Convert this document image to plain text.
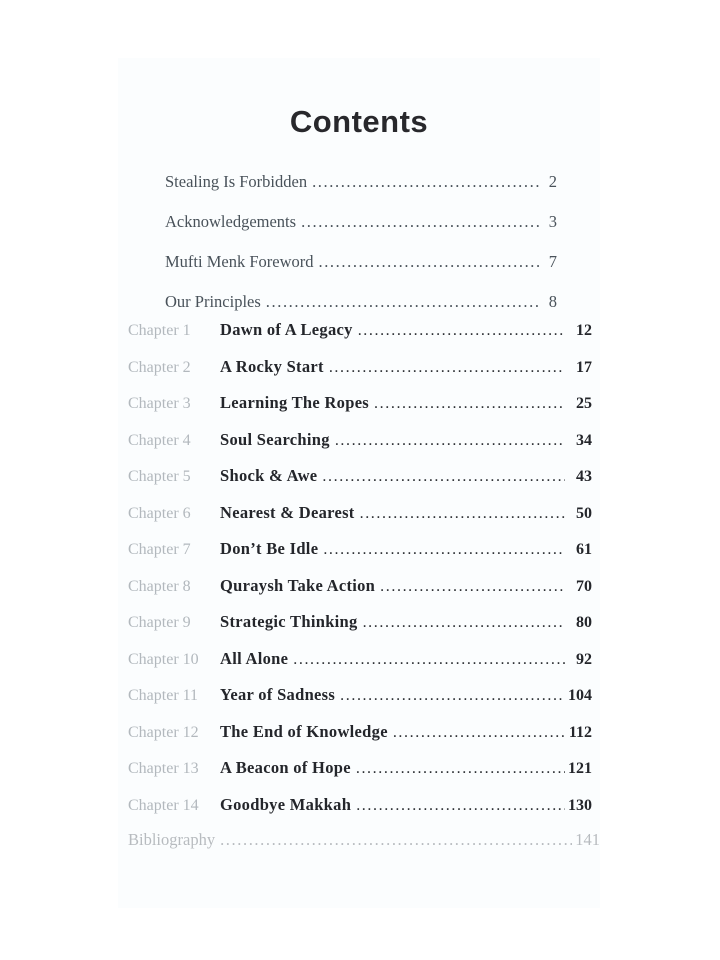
Contents
Stealing Is Forbidden .....	2
Acknowledgements .....	3
Mufti Menk Foreword .....	7
Our Principles .....	8
Chapter 1	Dawn of A Legacy .....	12
Chapter 2	A Rocky Start .....	17
Chapter 3	Learning The Ropes .....	25
Chapter 4	Soul Searching .....	34
Chapter 5	Shock & Awe .....	43
Chapter 6	Nearest & Dearest .....	50
Chapter 7	Don’t Be Idle .....	61
Chapter 8	Quraysh Take Action .....	70
Chapter 9	Strategic Thinking .....	80
Chapter 10	All Alone .....	92
Chapter 11	Year of Sadness .....	104
Chapter 12	The End of Knowledge .....	112
Chapter 13	A Beacon of Hope .....	121
Chapter 14	Goodbye Makkah .....	130
Bibliography .....	141
